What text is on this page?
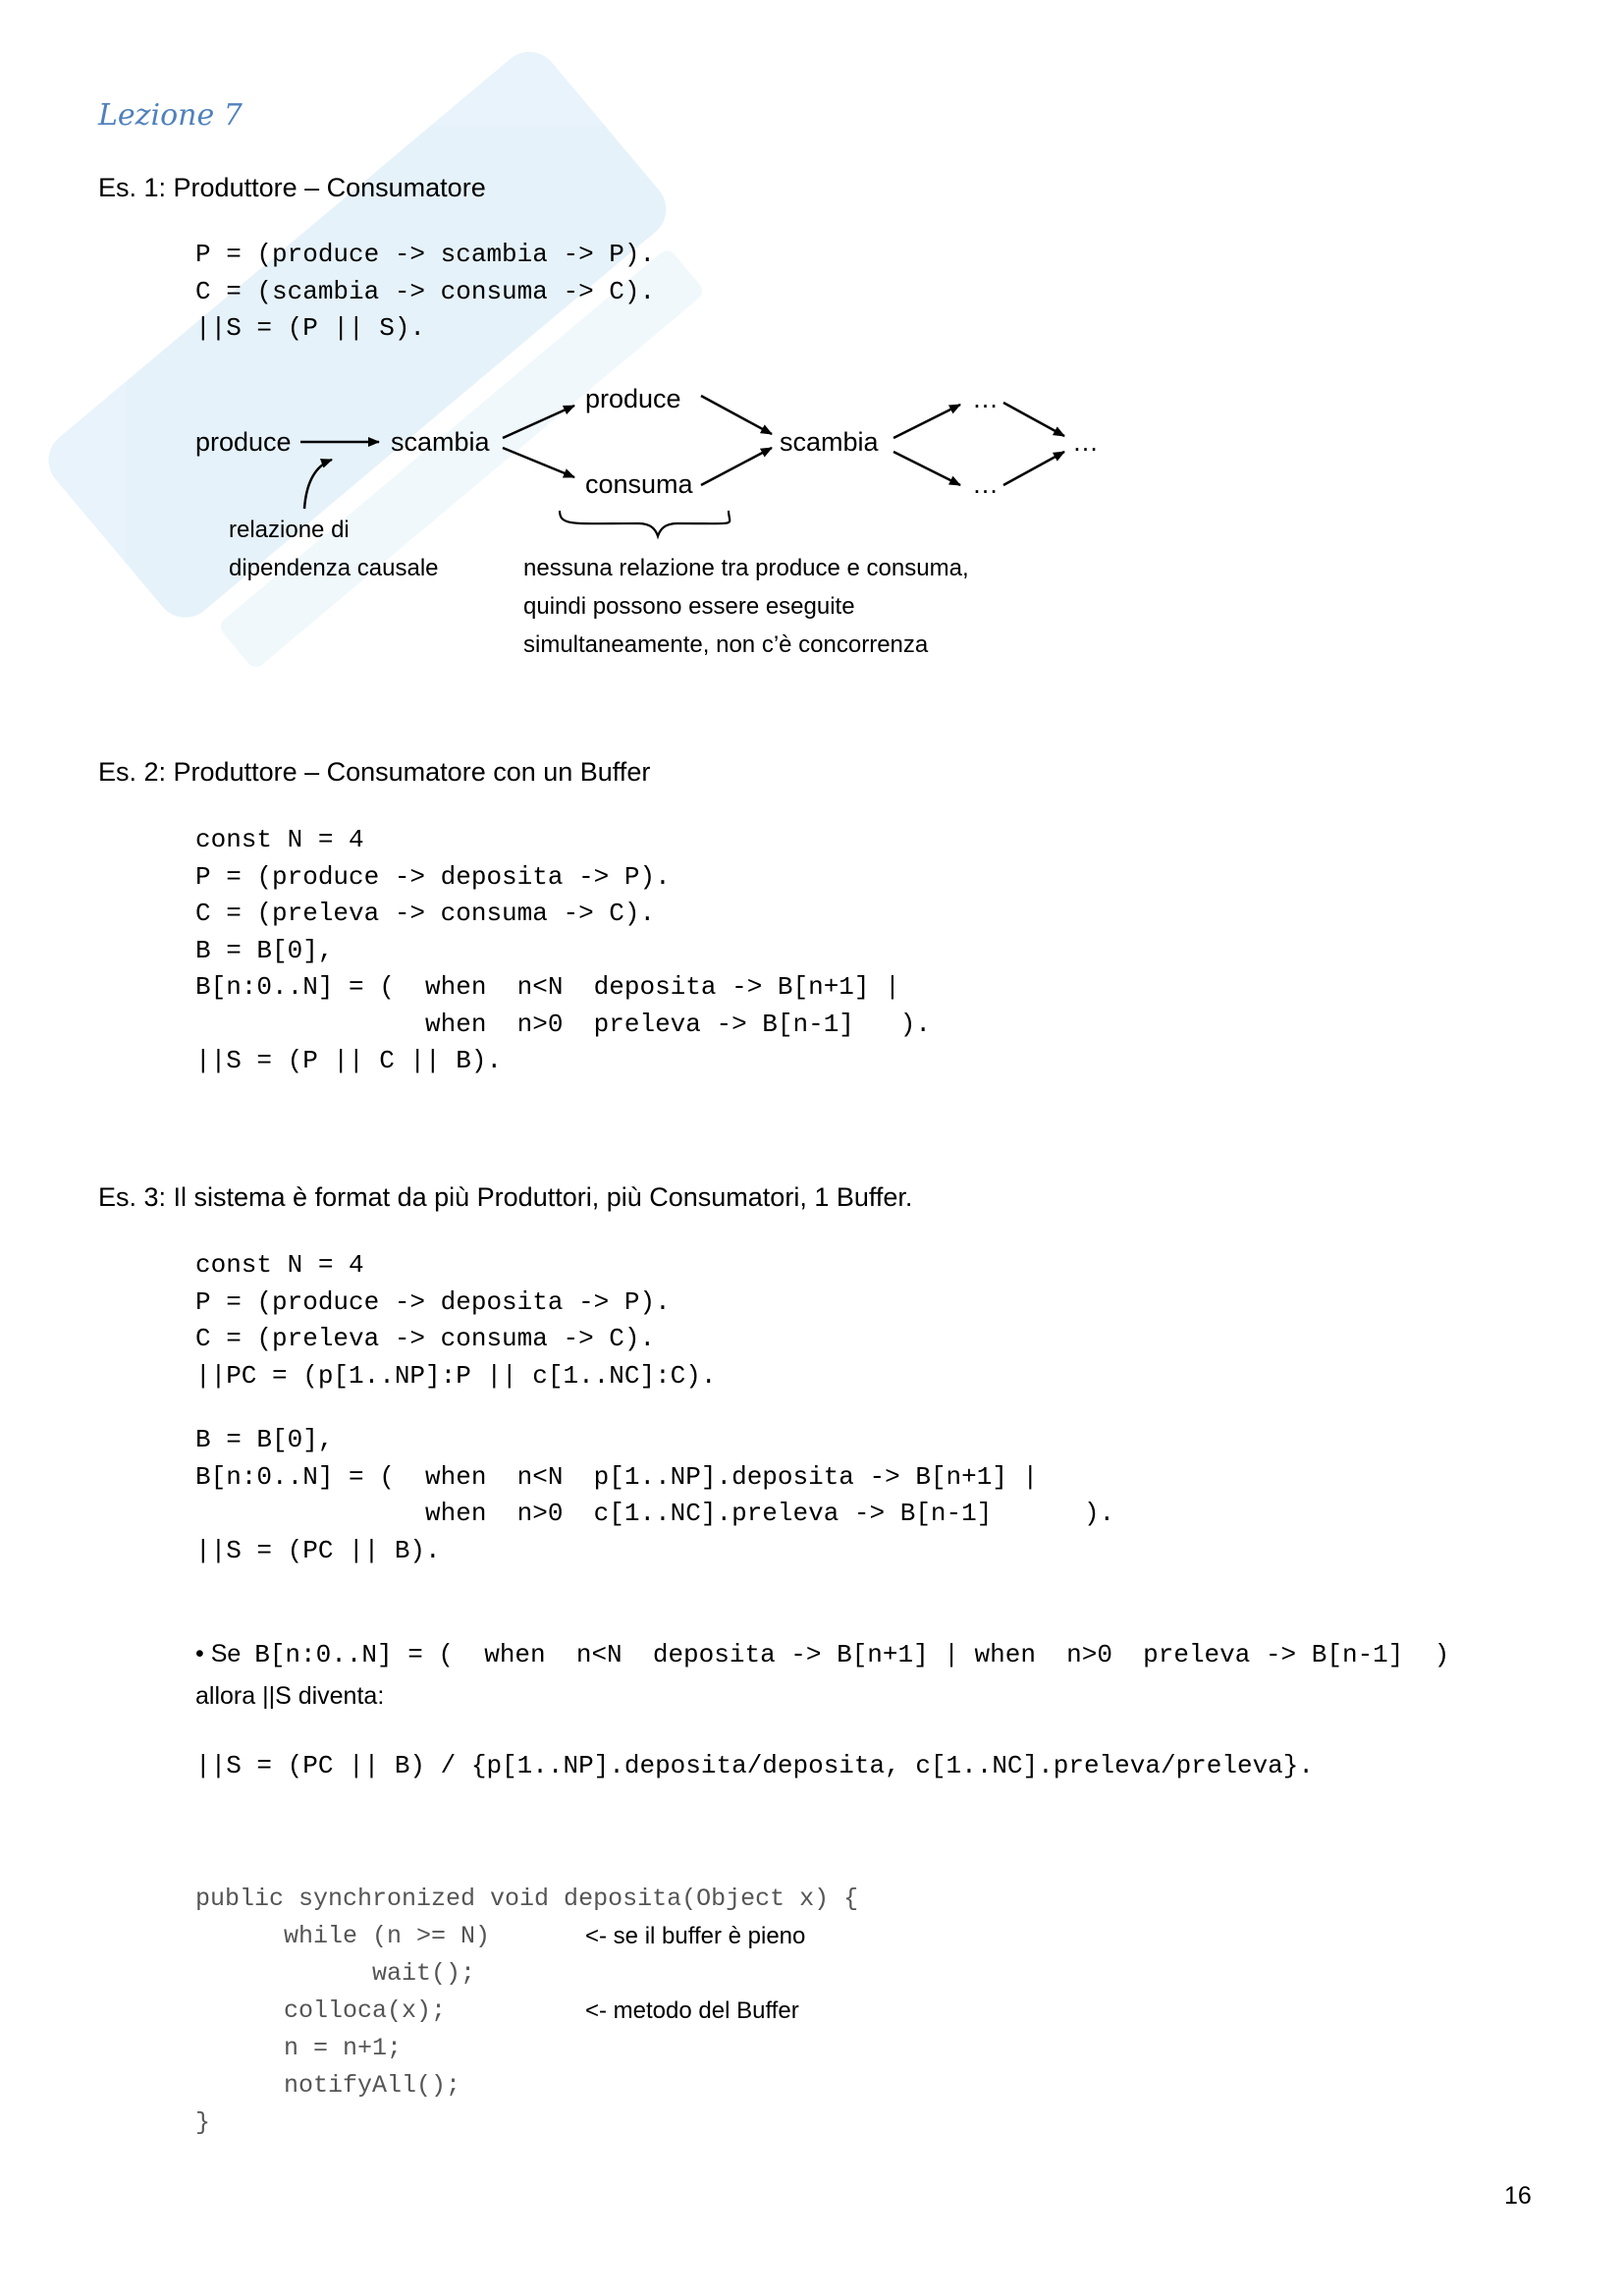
Lezione 7
Es. 1: Produttore – Consumatore
P = (produce -> scambia -> P).
C = (scambia -> consuma -> C).
||S = (P || S).
produce	scambia
produce
consuma
scambia
…
…
…
relazione di
dipendenza causale	nessuna relazione tra produce e consuma,
quindi possono essere eseguite
simultaneamente, non c’è concorrenza
Es. 2: Produttore – Consumatore con un Buffer
const N = 4
P = (produce -> deposita -> P).
C = (preleva -> consuma -> C).
B = B[0],
B[n:0..N] = (  when  n<N  deposita -> B[n+1] |
when  n>0  preleva -> B[n-1]   ).
||S = (P || C || B).
Es. 3: Il sistema è format da più Produttori, più Consumatori, 1 Buffer.
const N = 4
P = (produce -> deposita -> P).
C = (preleva -> consuma -> C).
||PC = (p[1..NP]:P || c[1..NC]:C).
B = B[0],
B[n:0..N] = (  when  n<N  p[1..NP].deposita -> B[n+1] |
when  n>0  c[1..NC].preleva -> B[n-1]      ).
||S = (PC || B).
• Se B[n:0..N] = (  when  n<N  deposita -> B[n+1] | when  n>0  preleva -> B[n-1]  )
allora ||S diventa:
||S = (PC || B) / {p[1..NP].deposita/deposita, c[1..NC].preleva/preleva}.
public synchronized void deposita(Object x) {
while (n >= N)	<- se il buffer è pieno
wait();
colloca(x);	<- metodo del Buffer
n = n+1;
notifyAll();
}
16
